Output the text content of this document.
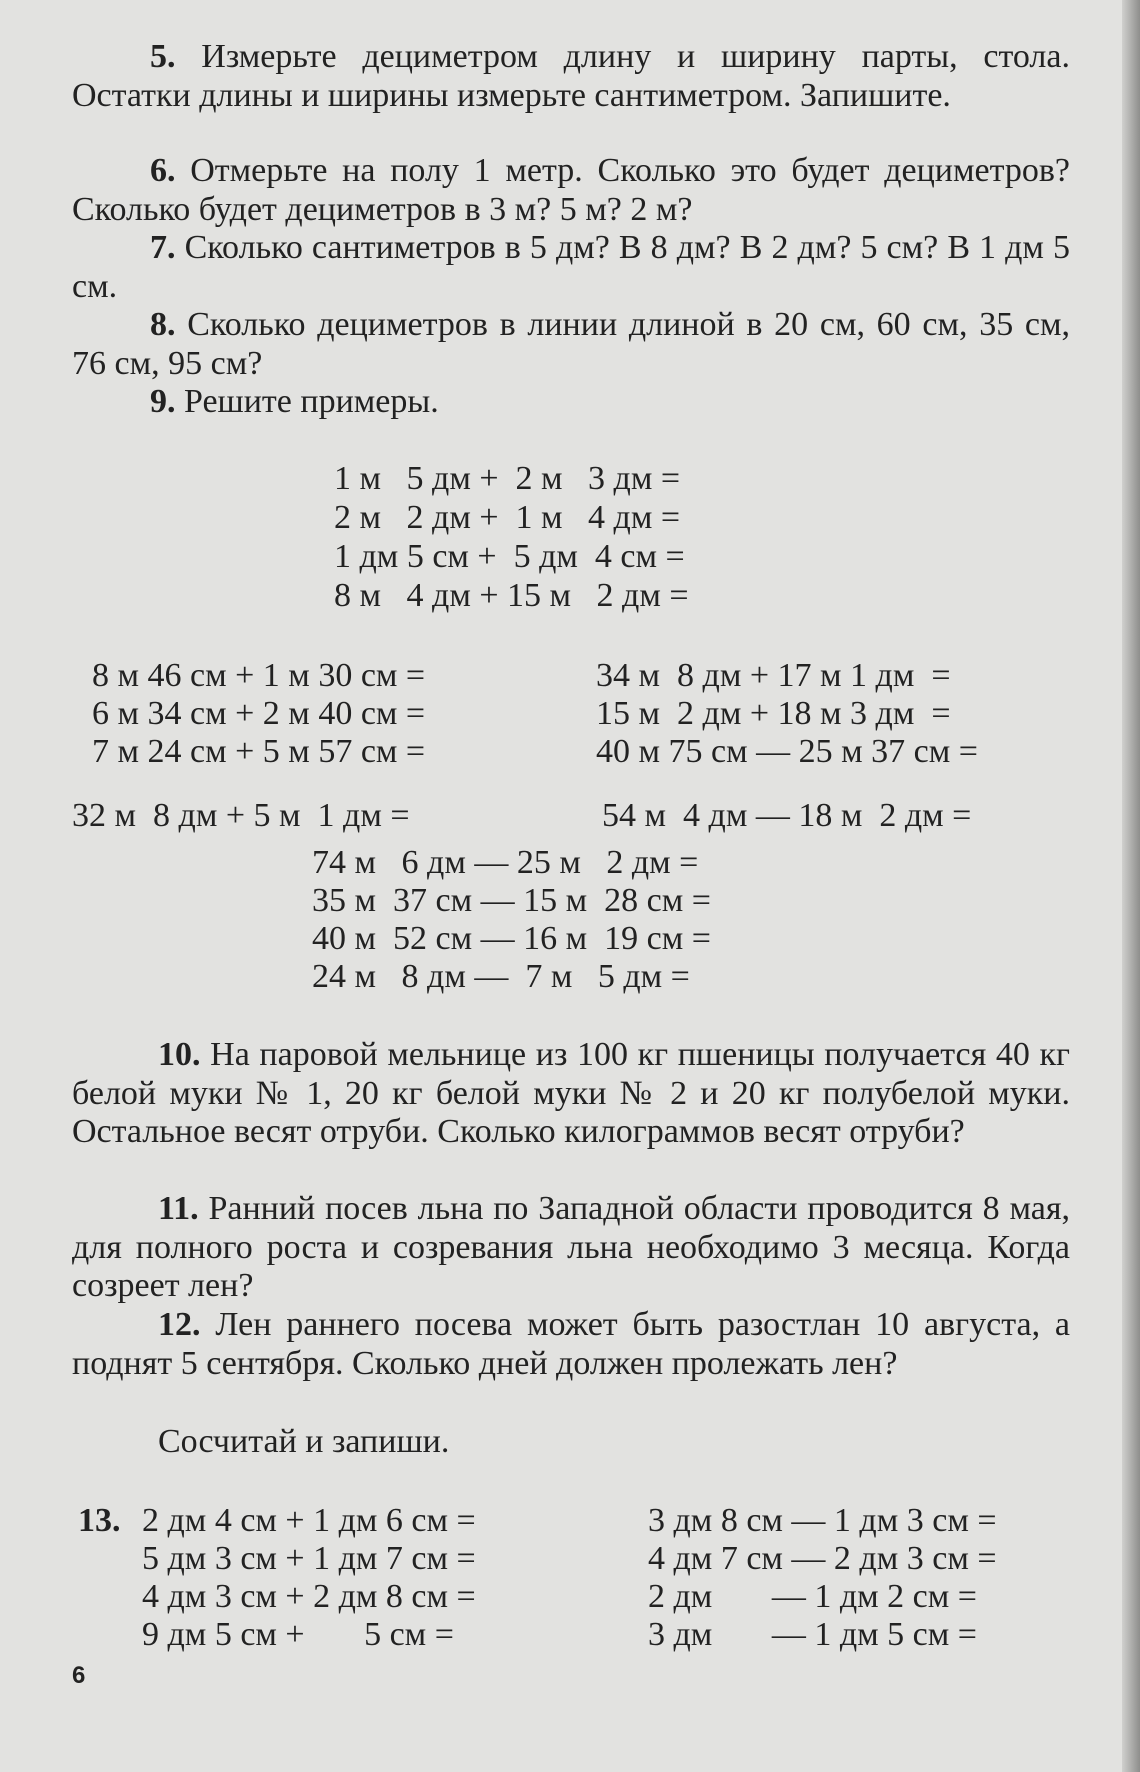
5. Измерьте дециметром длину и ширину парты, стола. Остатки длины и ширины измерьте сантиметром. Запишите.

6. Отмерьте на полу 1 метр. Сколько это будет дециметров? Сколько будет дециметров в 3 м? 5 м? 2 м?

7. Сколько сантиметров в 5 дм? В 8 дм? В 2 дм? 5 см? В 1 дм 5 см.

8. Сколько дециметров в линии длиной в 20 см, 60 см, 35 см, 76 см, 95 см?

9. Решите примеры.

1 м   5 дм +  2 м   3 дм =

2 м   2 дм +  1 м   4 дм =

1 дм 5 см +  5 дм  4 см =

8 м   4 дм + 15 м   2 дм =

8 м 46 см + 1 м 30 см =

6 м 34 см + 2 м 40 см =

7 м 24 см + 5 м 57 см =

34 м  8 дм + 17 м 1 дм  =

15 м  2 дм + 18 м 3 дм  =

40 м 75 см — 25 м 37 см =

32 м  8 дм + 5 м  1 дм =	54 м  4 дм — 18 м  2 дм =

74 м   6 дм — 25 м   2 дм =

35 м  37 см — 15 м  28 см =

40 м  52 см — 16 м  19 см =

24 м   8 дм —  7 м   5 дм =

10. На паровой мельнице из 100 кг пшеницы получается 40 кг белой муки № 1, 20 кг белой муки № 2 и 20 кг полубелой муки. Остальное весят отруби. Сколько килограммов весят отруби?

11. Ранний посев льна по Западной области проводится 8 мая, для полного роста и созревания льна необходимо 3 месяца. Когда созреет лен?

12. Лен раннего посева может быть разостлан 10 августа, а поднят 5 сентября. Сколько дней должен пролежать лен?

Сосчитай и запиши.

13. 2 дм 4 см + 1 дм 6 см =

5 дм 3 см + 1 дм 7 см =

4 дм 3 см + 2 дм 8 см =

9 дм 5 см +       5 см =

3 дм 8 см — 1 дм 3 см =

4 дм 7 см — 2 дм 3 см =

2 дм       — 1 дм 2 см =

3 дм       — 1 дм 5 см =

6
